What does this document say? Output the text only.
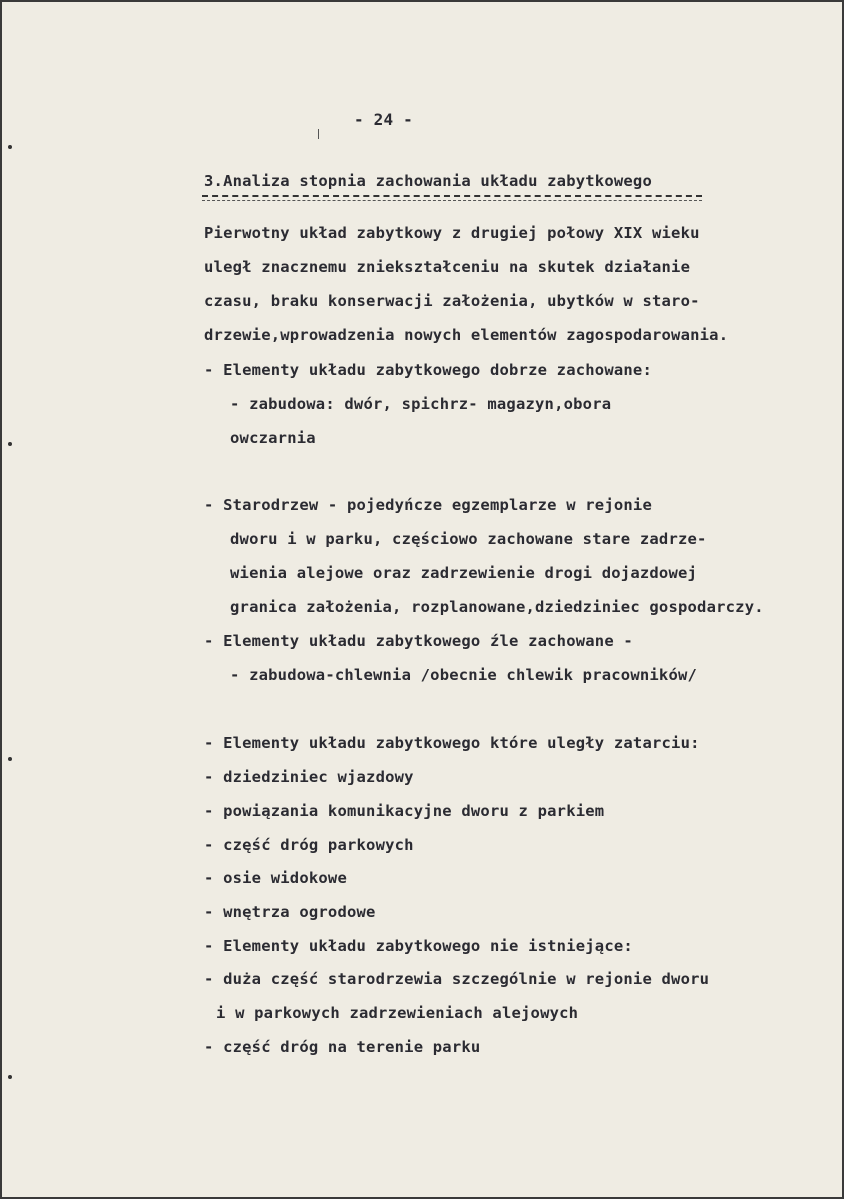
- 24 -
3.Analiza stopnia zachowania układu zabytkowego
Pierwotny układ zabytkowy z drugiej połowy XIX wieku
uległ znacznemu zniekształceniu na skutek działanie
czasu, braku konserwacji założenia, ubytków w staro-
drzewie,wprowadzenia nowych elementów zagospodarowania.
- Elementy układu zabytkowego dobrze zachowane:
- zabudowa: dwór, spichrz- magazyn,obora
owczarnia
- Starodrzew - pojedyńcze egzemplarze w rejonie
dworu i w parku, częściowo zachowane stare zadrze-
wienia alejowe oraz zadrzewienie drogi dojazdowej
granica założenia, rozplanowane,dziedziniec gospodarczy.
- Elementy układu zabytkowego źle zachowane -
- zabudowa-chlewnia /obecnie chlewik pracowników/
- Elementy układu zabytkowego które uległy zatarciu:
- dziedziniec wjazdowy
- powiązania komunikacyjne dworu z parkiem
- część dróg parkowych
- osie widokowe
- wnętrza ogrodowe
- Elementy układu zabytkowego nie istniejące:
- duża część starodrzewia szczególnie w rejonie dworu
i w parkowych zadrzewieniach alejowych
- część dróg na terenie parku
